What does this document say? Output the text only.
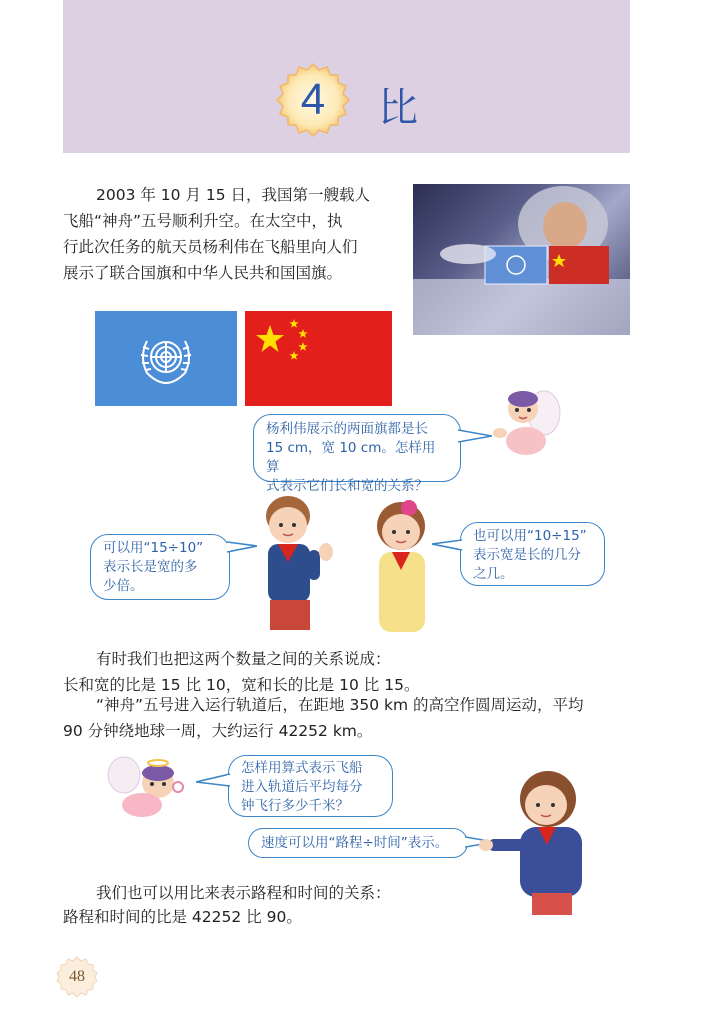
4	比
2003 年 10 月 15 日，我国第一艘载人
飞船“神舟”五号顺利升空。在太空中，执
行此次任务的航天员杨利伟在飞船里向人们
展示了联合国旗和中华人民共和国国旗。
杨利伟展示的两面旗都是长
15 cm，宽 10 cm。怎样用算
式表示它们长和宽的关系？
可以用“15÷10”
表示长是宽的多
少倍。
也可以用“10÷15”
表示宽是长的几分
之几。
有时我们也把这两个数量之间的关系说成：
长和宽的比是 15 比 10，宽和长的比是 10 比 15。
“神舟”五号进入运行轨道后，在距地 350 km 的高空作圆周运动，平均
90 分钟绕地球一周，大约运行 42252 km。
怎样用算式表示飞船
进入轨道后平均每分
钟飞行多少千米？
速度可以用“路程÷时间”表示。
我们也可以用比来表示路程和时间的关系：
路程和时间的比是 42252 比 90。
48
